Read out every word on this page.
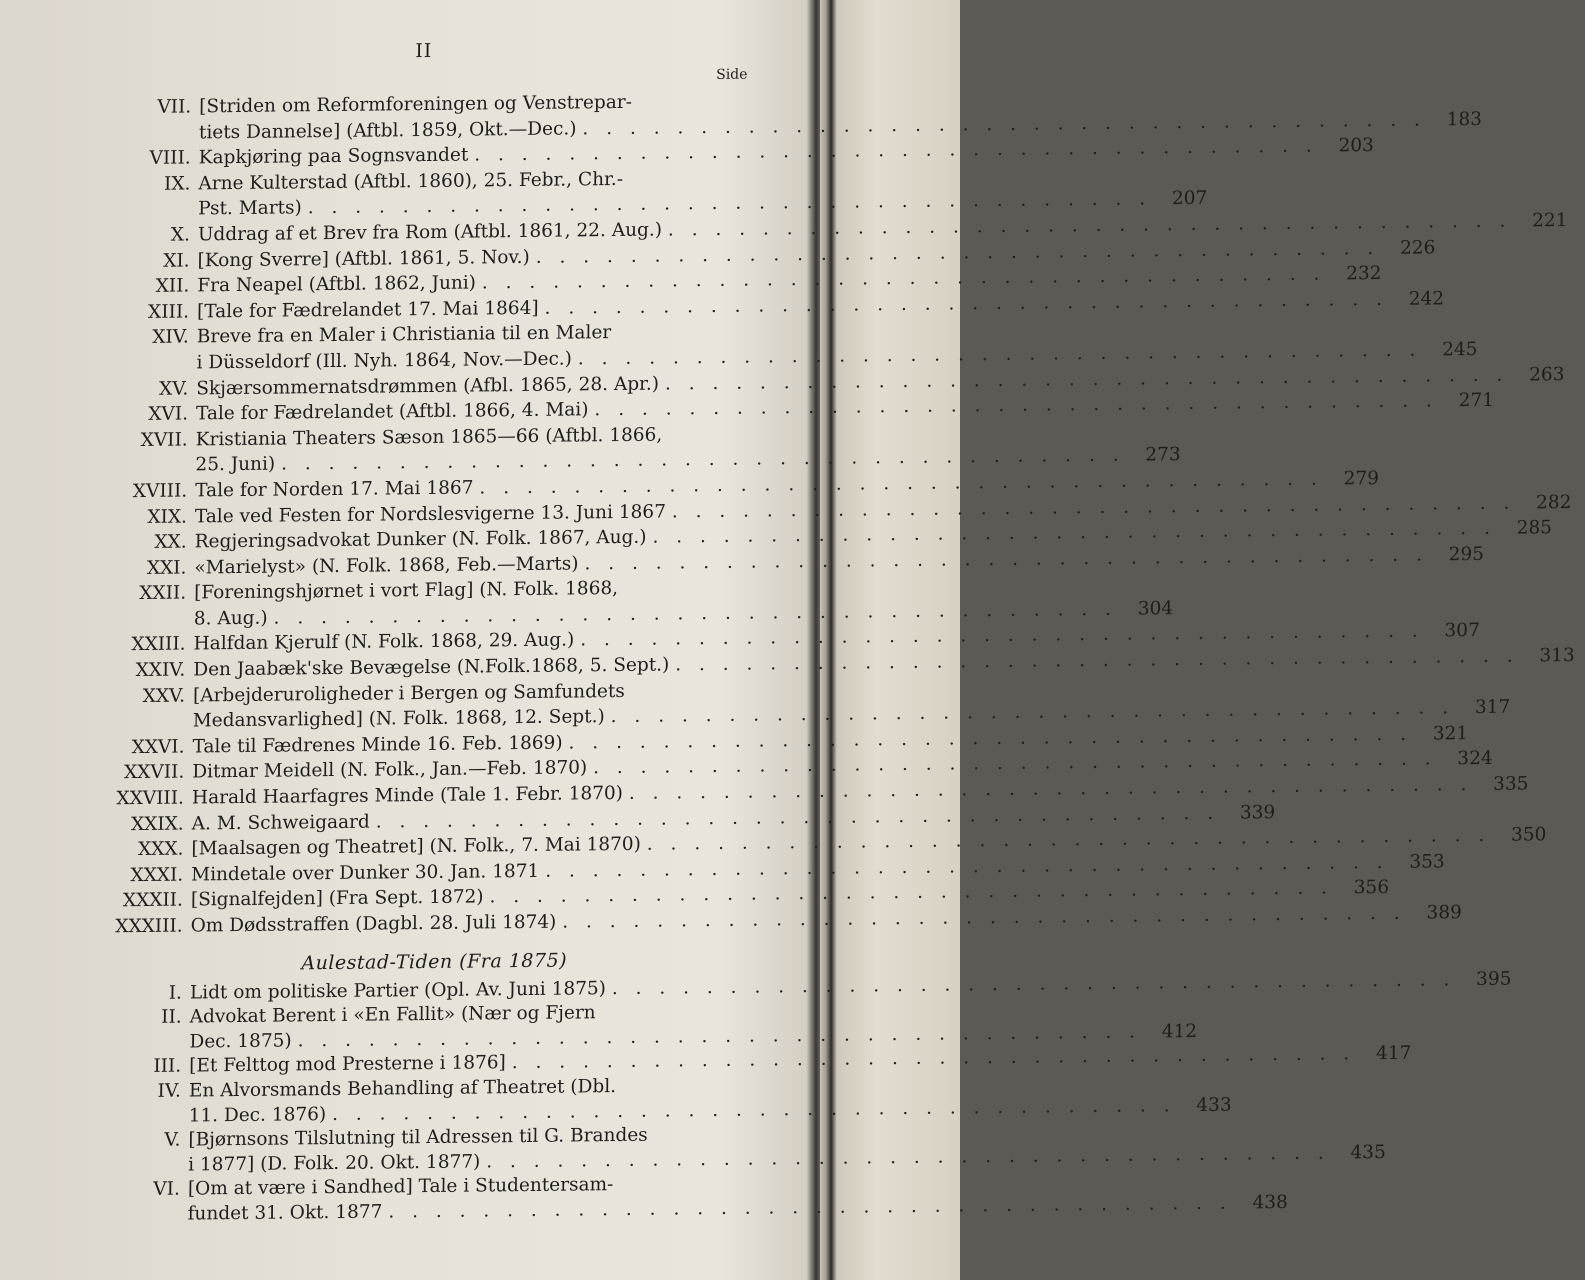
II
Side
VII. [Striden om Reformforeningen og Venstrepar-
tiets Dannelse] (Aftbl. 1859, Okt.—Dec.) . . .	183
VIII. Kapkjøring paa Sognsvandet . . .	203
IX. Arne Kulterstad (Aftbl. 1860), 25. Febr., Chr.-
Pst. Marts) . . .	207
X. Uddrag af et Brev fra Rom (Aftbl. 1861, 22. Aug.) . . .	221
XI. [Kong Sverre] (Aftbl. 1861, 5. Nov.) . . .	226
XII. Fra Neapel (Aftbl. 1862, Juni) . . .	232
XIII. [Tale for Fædrelandet 17. Mai 1864] . . .	242
XIV. Breve fra en Maler i Christiania til en Maler
i Düsseldorf (Ill. Nyh. 1864, Nov.—Dec.) . . .	245
XV. Skjærsommernatsdrømmen (Afbl. 1865, 28. Apr.) . . .	263
XVI. Tale for Fædrelandet (Aftbl. 1866, 4. Mai) . . .	271
XVII. Kristiania Theaters Sæson 1865—66 (Aftbl. 1866,
25. Juni) . . .	273
XVIII. Tale for Norden 17. Mai 1867 . . .	279
XIX. Tale ved Festen for Nordslesvigerne 13. Juni 1867 . . .	282
XX. Regjeringsadvokat Dunker (N. Folk. 1867, Aug.) . . .	285
XXI. «Marielyst» (N. Folk. 1868, Feb.—Marts) . . .	295
XXII. [Foreningshjørnet i vort Flag] (N. Folk. 1868,
8. Aug.) . . .	304
XXIII. Halfdan Kjerulf (N. Folk. 1868, 29. Aug.) . . .	307
XXIV. Den Jaabæk'ske Bevægelse (N.Folk.1868, 5. Sept.) . . .	313
XXV. [Arbejderuroligheder i Bergen og Samfundets
Medansvarlighed] (N. Folk. 1868, 12. Sept.) . . .	317
XXVI. Tale til Fædrenes Minde 16. Feb. 1869) . . .	321
XXVII. Ditmar Meidell (N. Folk., Jan.—Feb. 1870) . . .	324
XXVIII. Harald Haarfagres Minde (Tale 1. Febr. 1870) . . .	335
XXIX. A. M. Schweigaard . . .	339
XXX. [Maalsagen og Theatret] (N. Folk., 7. Mai 1870) . . .	350
XXXI. Mindetale over Dunker 30. Jan. 1871 . . .	353
XXXII. [Signalfejden] (Fra Sept. 1872) . . .	356
XXXIII. Om Dødsstraffen (Dagbl. 28. Juli 1874) . . .	389
Aulestad-Tiden (Fra 1875)
I. Lidt om politiske Partier (Opl. Av. Juni 1875) . . .	395
II. Advokat Berent i «En Fallit» (Nær og Fjern
Dec. 1875) . . .	412
III. [Et Felttog mod Presterne i 1876] . . .	417
IV. En Alvorsmands Behandling af Theatret (Dbl.
11. Dec. 1876) . . .	433
V. [Bjørnsons Tilslutning til Adressen til G. Brandes
i 1877] (D. Folk. 20. Okt. 1877) . . .	435
VI. [Om at være i Sandhed] Tale i Studentersam-
fundet 31. Okt. 1877 . . .	438
